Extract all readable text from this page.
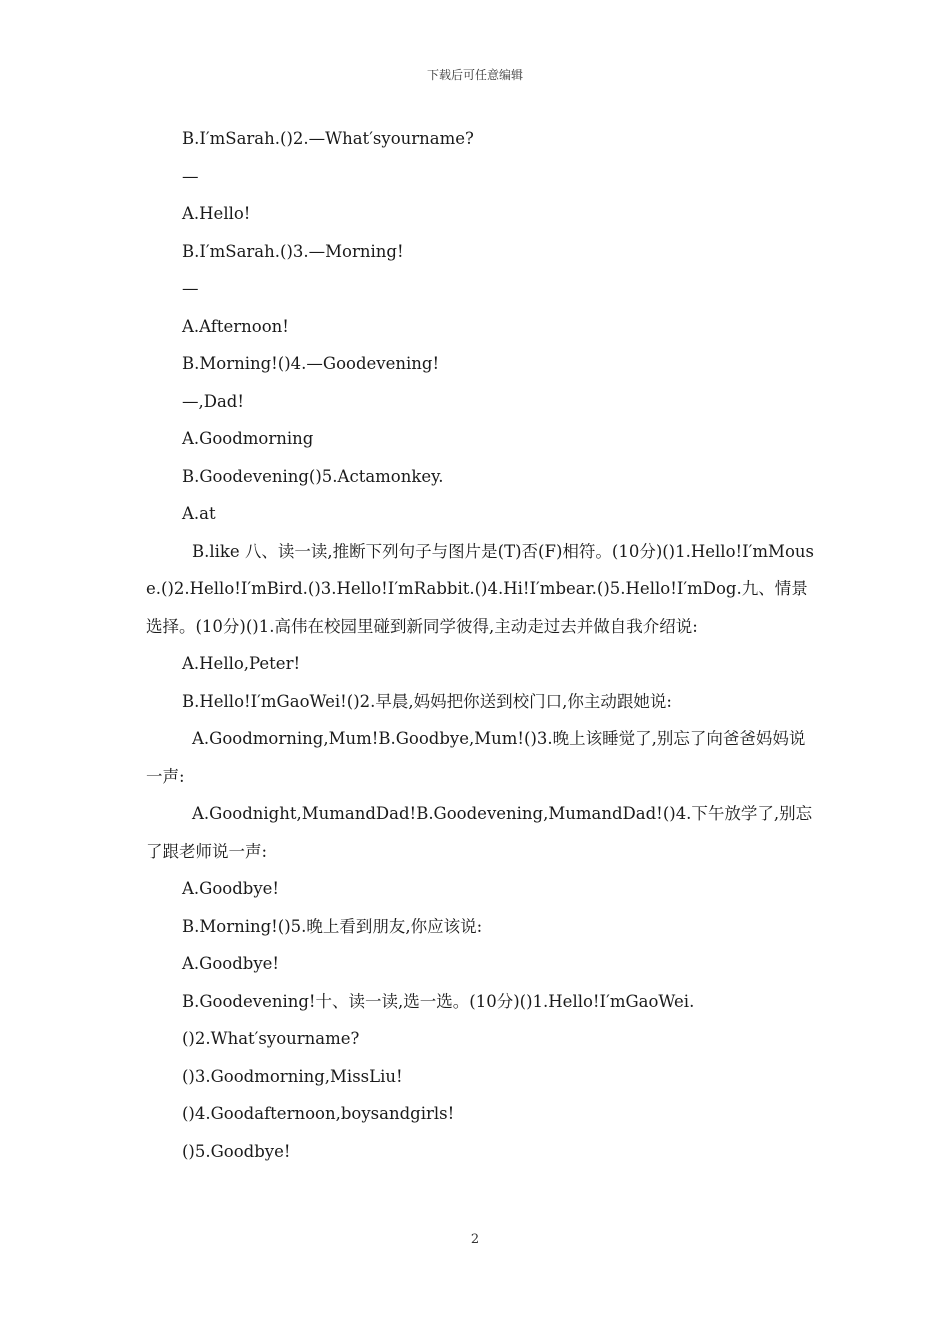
下载后可任意编辑

B.I′mSarah.()2.—What′syourname?

—

A.Hello!

B.I′mSarah.()3.—Morning!

—

A.Afternoon!

B.Morning!()4.—Goodevening!

—,Dad!

A.Goodmorning

B.Goodevening()5.Actamonkey.

A.at

B.like 八、读一读,推断下列句子与图片是(T)否(F)相符。(10分)()1.Hello!I′mMouse.()2.Hello!I′mBird.()3.Hello!I′mRabbit.()4.Hi!I′mbear.()5.Hello!I′mDog.九、情景选择。(10分)()1.高伟在校园里碰到新同学彼得,主动走过去并做自我介绍说:

A.Hello,Peter!

B.Hello!I′mGaoWei!()2.早晨,妈妈把你送到校门口,你主动跟她说:

A.Goodmorning,Mum!B.Goodbye,Mum!()3.晚上该睡觉了,别忘了向爸爸妈妈说一声:

A.Goodnight,MumandDad!B.Goodevening,MumandDad!()4.下午放学了,别忘了跟老师说一声:

A.Goodbye!

B.Morning!()5.晚上看到朋友,你应该说:

A.Goodbye!

B.Goodevening!十、读一读,选一选。(10分)()1.Hello!I′mGaoWei.

()2.What′syourname?

()3.Goodmorning,MissLiu!

()4.Goodafternoon,boysandgirls!

()5.Goodbye!

2
